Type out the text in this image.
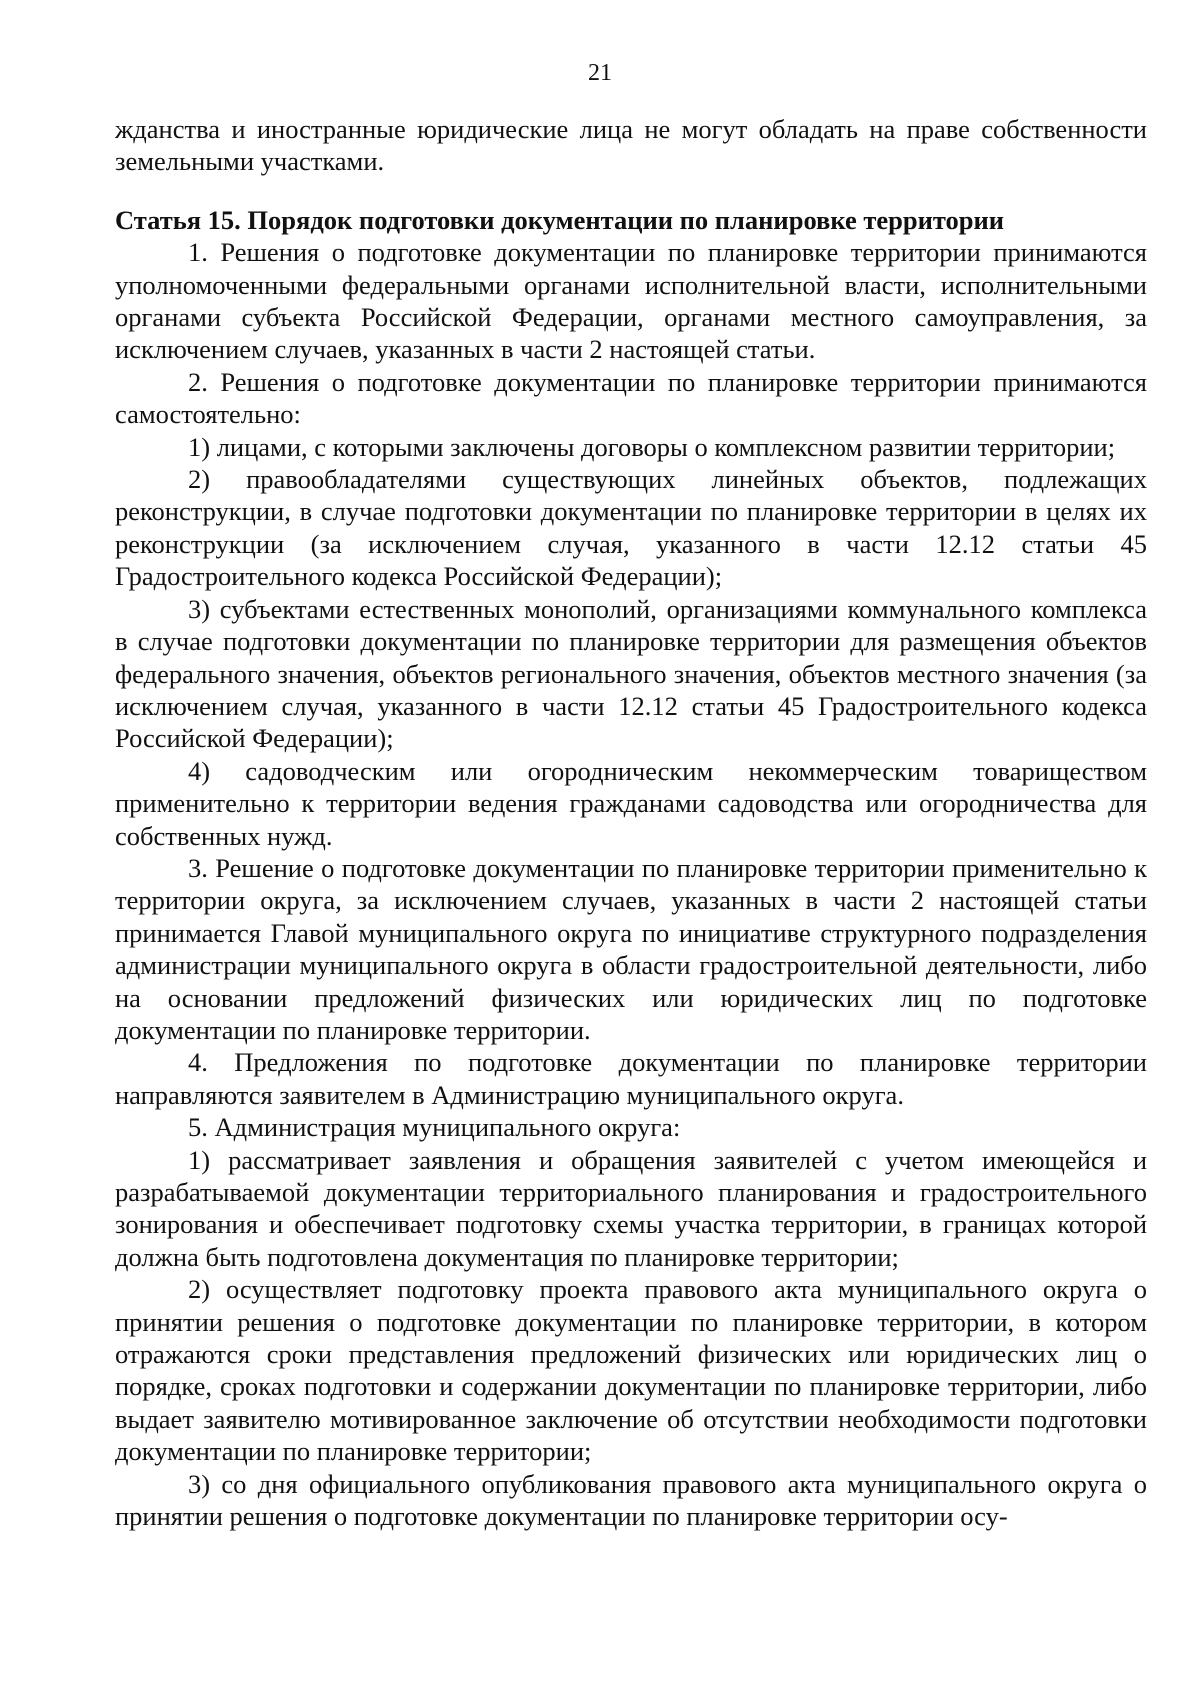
21

жданства и иностранные юридические лица не могут обладать на праве собственности земельными участками.

Статья 15. Порядок подготовки документации по планировке территории

1. Решения о подготовке документации по планировке территории принимаются уполномоченными федеральными органами исполнительной власти, исполнительными органами субъекта Российской Федерации, органами местного самоуправления, за исключением случаев, указанных в части 2 настоящей статьи.

2. Решения о подготовке документации по планировке территории принимаются самостоятельно:

1) лицами, с которыми заключены договоры о комплексном развитии территории;

2) правообладателями существующих линейных объектов, подлежащих реконструкции, в случае подготовки документации по планировке территории в целях их реконструкции (за исключением случая, указанного в части 12.12 статьи 45 Градостроительного кодекса Российской Федерации);

3) субъектами естественных монополий, организациями коммунального комплекса в случае подготовки документации по планировке территории для размещения объектов федерального значения, объектов регионального значения, объектов местного значения (за исключением случая, указанного в части 12.12 статьи 45 Градостроительного кодекса Российской Федерации);

4) садоводческим или огородническим некоммерческим товариществом применительно к территории ведения гражданами садоводства или огородничества для собственных нужд.

3. Решение о подготовке документации по планировке территории применительно к территории округа, за исключением случаев, указанных в части 2 настоящей статьи принимается Главой муниципального округа по инициативе структурного подразделения администрации муниципального округа в области градостроительной деятельности, либо на основании предложений физических или юридических лиц по подготовке документации по планировке территории.

4. Предложения по подготовке документации по планировке территории направляются заявителем в Администрацию муниципального округа.

5. Администрация муниципального округа:

1) рассматривает заявления и обращения заявителей с учетом имеющейся и разрабатываемой документации территориального планирования и градостроительного зонирования и обеспечивает подготовку схемы участка территории, в границах которой должна быть подготовлена документация по планировке территории;

2) осуществляет подготовку проекта правового акта муниципального округа о принятии решения о подготовке документации по планировке территории, в котором отражаются сроки представления предложений физических или юридических лиц о порядке, сроках подготовки и содержании документации по планировке территории, либо выдает заявителю мотивированное заключение об отсутствии необходимости подготовки документации по планировке территории;

3) со дня официального опубликования правового акта муниципального округа о принятии решения о подготовке документации по планировке территории осу-
